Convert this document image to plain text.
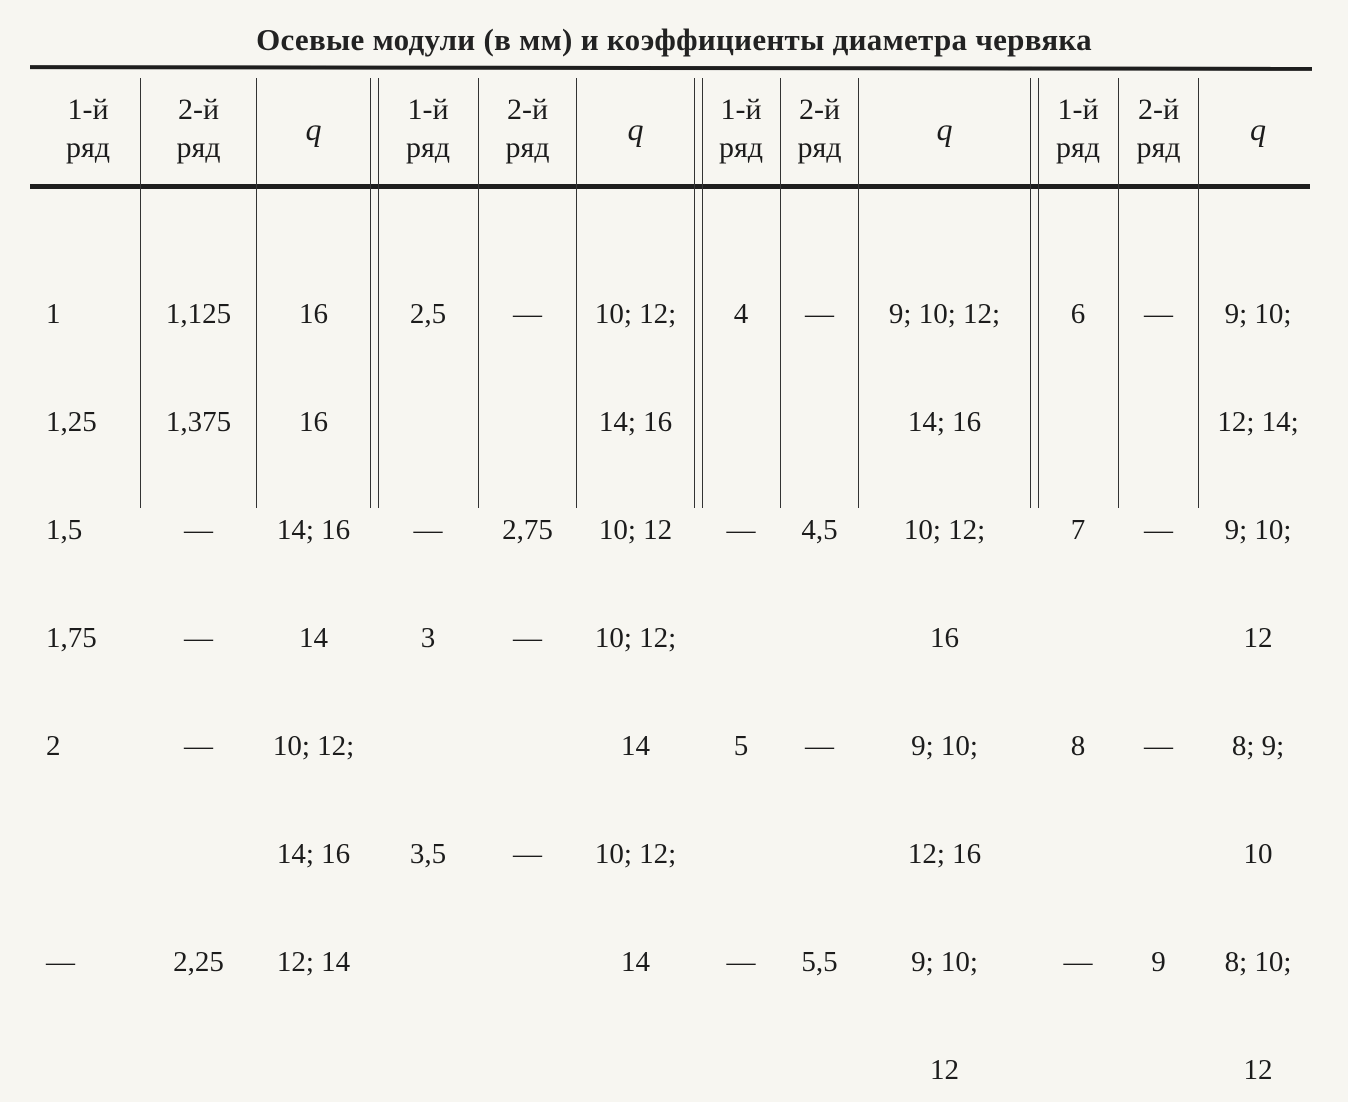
Осевые модули (в мм) и коэффициенты диаметра червяка
1-й
ряд
2-й
ряд
q
1-й
ряд
2-й
ряд
q
1-й
ряд
2-й
ряд
q
1-й
ряд
2-й
ряд
q

1

1,25

1,5

1,75

2

—

1,125

1,375

—

—

—

2,25

16

16

14; 16

14

10; 12;

14; 16

12; 14

2,5

—

3

3,5

—

2,75

—

—

10; 12;

14; 16

10; 12

10; 12;

14

10; 12;

14

4

—

5

—

—

4,5

—

5,5

9; 10; 12;

14; 16

10; 12;

16

9; 10;

12; 16

9; 10;

12

6

7

8

—

—

—

—

9

9; 10;

12; 14;

9; 10;

12

8; 9;

10

8; 10;

12
